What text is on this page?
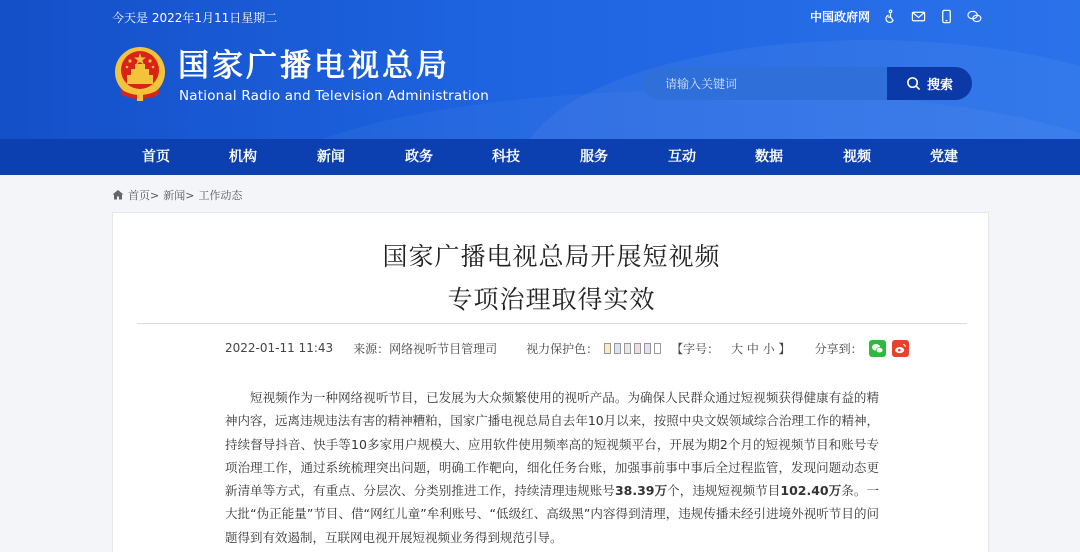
今天是 2022年1月11日星期二	中国政府网
国家广播电视总局
National Radio and Television Administration
请输入关键词
搜索
首页	机构	新闻	政务	科技	服务	互动	数据	视频	党建
首页> 新闻> 工作动态
国家广播电视总局开展短视频
专项治理取得实效
2022-01-11 11:43 来源：网络视听节目管理司 视力保护色：	【字号： 大 中 小 】 分享到：
短视频作为一种网络视听节目，已发展为大众频繁使用的视听产品。为确保人民群众通过短视频获得健康有益的精神内容，远离违规违法有害的精神糟粕，国家广播电视总局自去年10月以来，按照中央文娱领域综合治理工作的精神，持续督导抖音、快手等10多家用户规模大、应用软件使用频率高的短视频平台，开展为期2个月的短视频节目和账号专项治理工作，通过系统梳理突出问题，明确工作靶向，细化任务台账，加强事前事中事后全过程监管，发现问题动态更新清单等方式，有重点、分层次、分类别推进工作，持续清理违规账号38.39万个，违规短视频节目102.40万条。一大批“伪正能量”节目、借“网红儿童”牟利账号、“低级红、高级黑”内容得到清理，违规传播未经引进境外视听节目的问题得到有效遏制，互联网电视开展短视频业务得到规范引导。
